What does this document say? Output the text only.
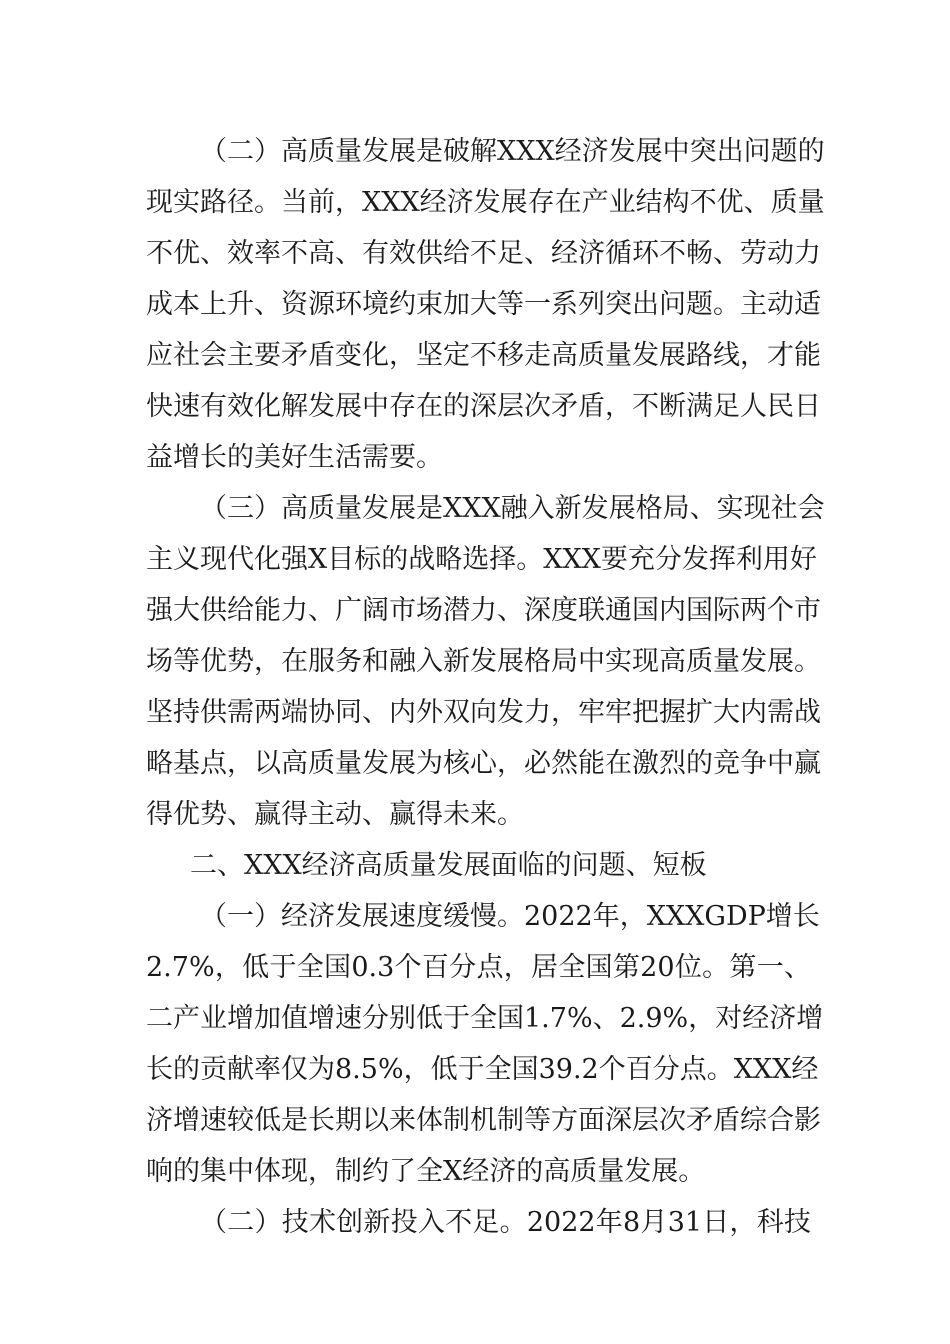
（二）高质量发展是破解XXX经济发展中突出问题的
现实路径。当前，XXX经济发展存在产业结构不优、质量
不优、效率不高、有效供给不足、经济循环不畅、劳动力
成本上升、资源环境约束加大等一系列突出问题。主动适
应社会主要矛盾变化，坚定不移走高质量发展路线，才能
快速有效化解发展中存在的深层次矛盾，不断满足人民日
益增长的美好生活需要。
（三）高质量发展是XXX融入新发展格局、实现社会
主义现代化强X目标的战略选择。XXX要充分发挥利用好
强大供给能力、广阔市场潜力、深度联通国内国际两个市
场等优势，在服务和融入新发展格局中实现高质量发展。
坚持供需两端协同、内外双向发力，牢牢把握扩大内需战
略基点，以高质量发展为核心，必然能在激烈的竞争中赢
得优势、赢得主动、赢得未来。
二、XXX经济高质量发展面临的问题、短板
（一）经济发展速度缓慢。2022年，XXXGDP增长
2.7%，低于全国0.3个百分点，居全国第20位。第一、
二产业增加值增速分别低于全国1.7%、2.9%，对经济增
长的贡献率仅为8.5%，低于全国39.2个百分点。XXX经
济增速较低是长期以来体制机制等方面深层次矛盾综合影
响的集中体现，制约了全X经济的高质量发展。
（二）技术创新投入不足。2022年8月31日，科技
